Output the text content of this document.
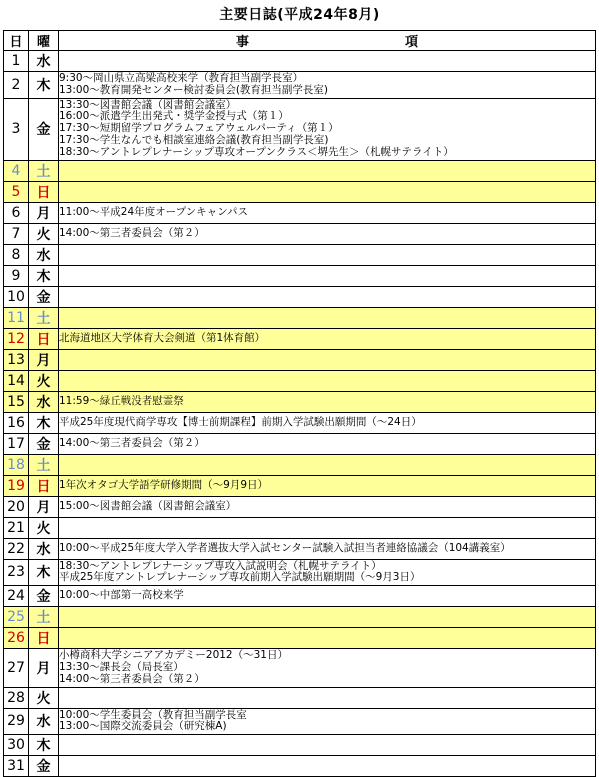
主要日誌(平成24年8月)
日	曜	事　　　　　　　　　　　　項
1	水	
2	木	9:30～岡山県立高梁高校来学（教育担当副学長室）
13:00～教育開発センター検討委員会(教育担当副学長室)

3	金	13:30～図書館会議（図書館会議室）
16:00～派遣学生出発式・奨学金授与式（第１）
17:30～短期留学プログラムフェアウェルパーティ（第１）
17:30～学生なんでも相談室連絡会議(教育担当副学長室)
18:30～アントレプレナーシップ専攻オープンクラス＜堺先生＞（札幌サテライト）

4	土	
5	日	
6	月	11:00～平成24年度オープンキャンパス

7	火	14:00～第三者委員会（第２）

8	水	
9	木	
10	金	
11	土	
12	日	北海道地区大学体育大会剣道（第1体育館）

13	月	
14	火	
15	水	11:59～緑丘戦没者慰霊祭

16	木	平成25年度現代商学専攻【博士前期課程】前期入学試験出願期間（～24日）

17	金	14:00～第三者委員会（第２）

18	土	
19	日	1年次オタゴ大学語学研修期間（～9月9日）

20	月	15:00～図書館会議（図書館会議室）

21	火	
22	水	10:00～平成25年度大学入学者選抜大学入試センター試験入試担当者連絡協議会（104講義室）

23	木	18:30～アントレプレナーシップ専攻入試説明会（札幌サテライト）
平成25年度アントレプレナーシップ専攻前期入学試験出願期間（～9月3日）

24	金	10:00～中部第一高校来学

25	土	
26	日	
27	月	小樽商科大学シニアアカデミー2012（～31日）
13:30～課長会（局長室）
14:00～第三者委員会（第２）

28	火	
29	水	10:00～学生委員会（教育担当副学長室
13:00～国際交流委員会（研究棟A)

30	木	
31	金	
